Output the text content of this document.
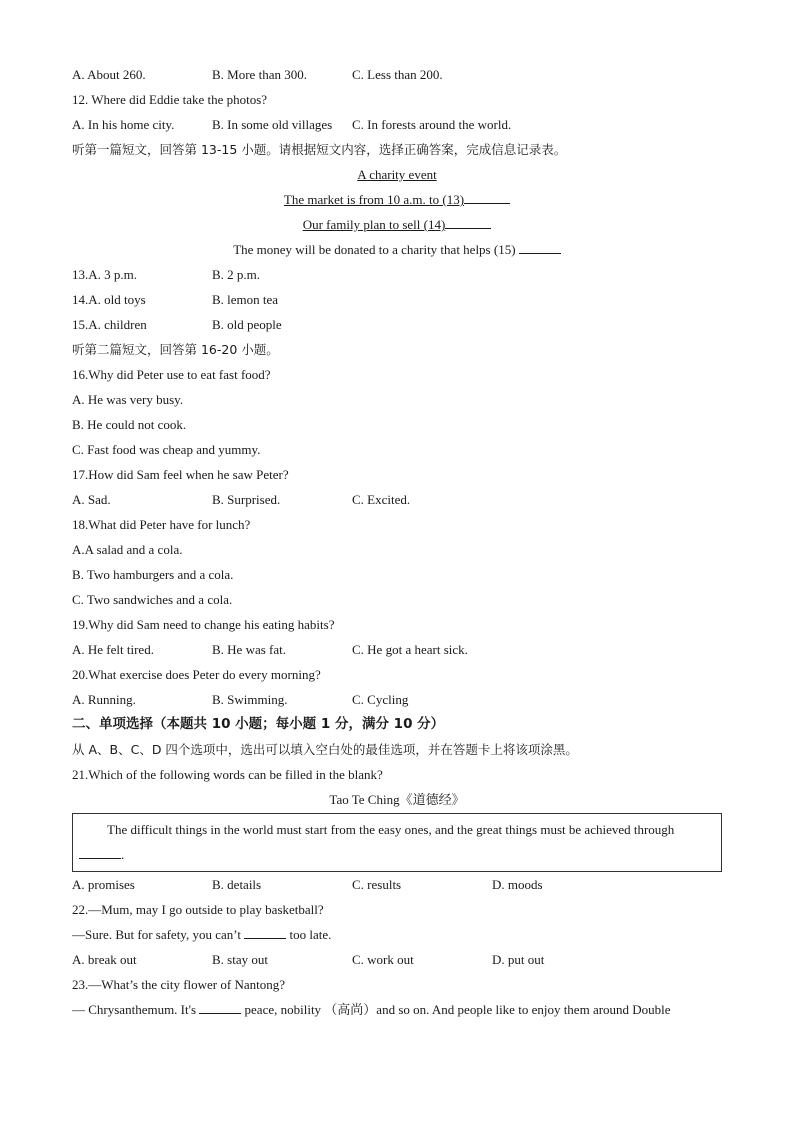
A. About 260.	B. More than 300.	C. Less than 200.
12. Where did Eddie take the photos?
A. In his home city.	B. In some old villages C. In forests around the world.
听第一篇短文，回答第 13-15 小题。请根据短文内容，选择正确答案，完成信息记录表。
A charity event
The market is from 10 a.m. to (13)
Our family plan to sell (14)
The money will be donated to a charity that helps (15)
13.A. 3 p.m.	B. 2 p.m.
14.A. old toys	B. lemon tea
15.A. children	B. old people
听第二篇短文，回答第 16-20 小题。
16.Why did Peter use to eat fast food?
A. He was very busy.
B. He could not cook.
C. Fast food was cheap and yummy.
17.How did Sam feel when he saw Peter?
A. Sad.	B. Surprised.	C. Excited.
18.What did Peter have for lunch?
A.A salad and a cola.
B. Two hamburgers and a cola.
C. Two sandwiches and a cola.
19.Why did Sam need to change his eating habits?
A. He felt tired.	B. He was fat.	C. He got a heart sick.
20.What exercise does Peter do every morning?
A. Running.	B. Swimming.	C. Cycling
二、单项选择（本题共 10 小题；每小题 1 分，满分 10 分）
从 A、B、C、D 四个选项中，选出可以填入空白处的最佳选项，并在答题卡上将该项涂黑。
21.Which of the following words can be filled in the blank?
Tao Te Ching《道德经》
The difficult things in the world must start from the easy ones, and the great things must be achieved through
.
A. promises	B. details	C. results	D. moods
22.—Mum, may I go outside to play basketball?
—Sure. But for safety, you can’t	too late.
A. break out	B. stay out	C. work out	D. put out
23.—What’s the city flower of Nantong?
— Chrysanthemum. It's	peace, nobility （高尚）and so on. And people like to enjoy them around Double
